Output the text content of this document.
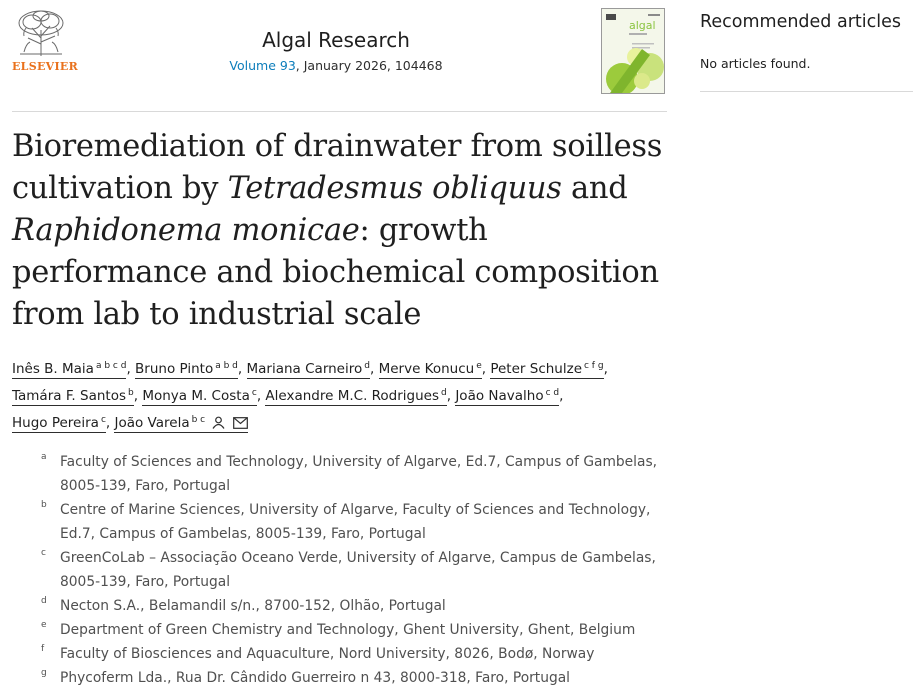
ELSEVIER
Algal Research
Volume 93, January 2026, 104468
algal	Recommended articles
No articles found.
Bioremediation of drainwater from soilless cultivation by Tetradesmus obliquus and Raphidonema monicae: growth performance and biochemical composition from lab to industrial scale
Inês B. Maia $^{a b c d}$, Bruno Pinto $^{a b d}$, Mariana Carneiro $^d$, Merve Konucu $^e$, Peter Schulze $^{c f g}$,
Tamára F. Santos $^b$, Monya M. Costa $^c$, Alexandre M.C. Rodrigues $^d$, João Navalho $^{c d}$,
Hugo Pereira $^c$, João Varela $^{b c}$
a Faculty of Sciences and Technology, University of Algarve, Ed.7, Campus of Gambelas, 8005-139, Faro, Portugal
b Centre of Marine Sciences, University of Algarve, Faculty of Sciences and Technology, Ed.7, Campus of Gambelas, 8005-139, Faro, Portugal
c GreenCoLab – Associação Oceano Verde, University of Algarve, Campus de Gambelas, 8005-139, Faro, Portugal
d Necton S.A., Belamandil s/n., 8700-152, Olhão, Portugal
e Department of Green Chemistry and Technology, Ghent University, Ghent, Belgium
f Faculty of Biosciences and Aquaculture, Nord University, 8026, Bodø, Norway
g Phycoferm Lda., Rua Dr. Cândido Guerreiro n 43, 8000-318, Faro, Portugal
